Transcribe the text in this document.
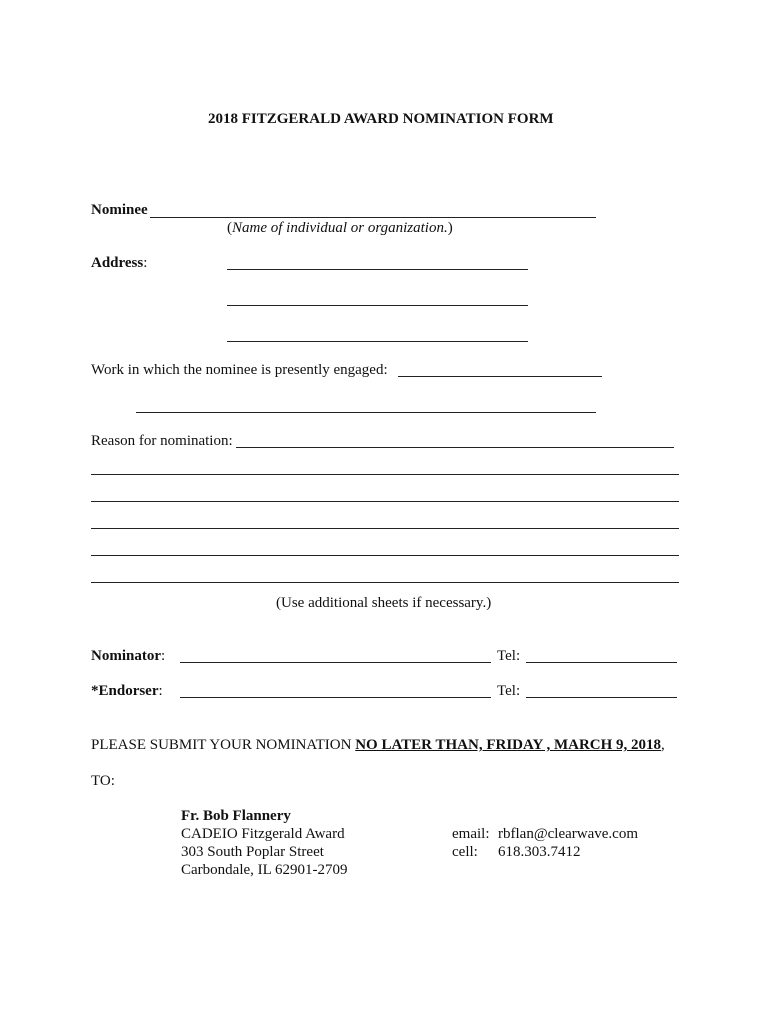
2018 FITZGERALD AWARD NOMINATION FORM
Nominee
(Name of individual or organization.)
Address:
Work in which the nominee is presently engaged:
Reason for nomination:
(Use additional sheets if necessary.)
Nominator:	Tel:
*Endorser:	Tel:
PLEASE SUBMIT YOUR NOMINATION NO LATER THAN, FRIDAY , MARCH 9, 2018,
TO:
Fr. Bob Flannery
CADEIO Fitzgerald Award
303 South Poplar Street
Carbondale, IL 62901-2709
email: rbflan@clearwave.com
cell: 618.303.7412
